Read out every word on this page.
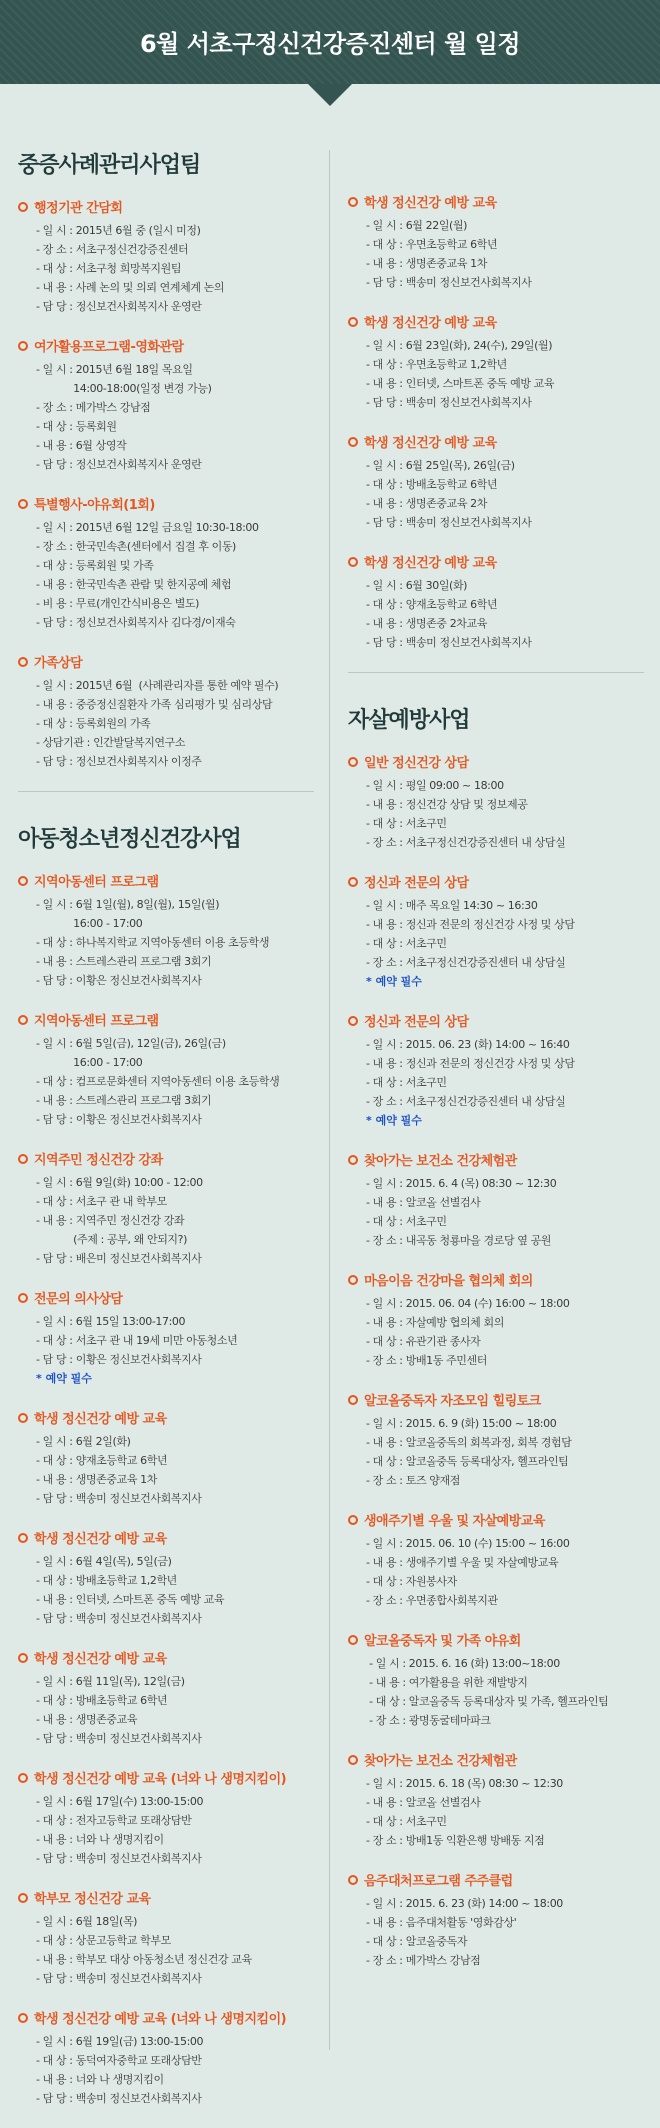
6월 서초구정신건강증진센터 월 일정
중증사례관리사업팀
행정기관 간담회
- 일 시 : 2015년 6월 중 (일시 미정)
- 장 소 : 서초구정신건강증진센터
- 대 상 : 서초구청 희망복지원팀
- 내 용 : 사례 논의 및 의뢰 연계체계 논의
- 담 당 : 정신보건사회복지사 운영란
여가활용프로그램-영화관람
- 일 시 : 2015년 6월 18일 목요일
14:00-18:00(일정 변경 가능)
- 장 소 : 메가박스 강남점
- 대 상 : 등록회원
- 내 용 : 6월 상영작
- 담 당 : 정신보건사회복지사 운영란
특별행사-야유회(1회)
- 일 시 : 2015년 6월 12일 금요일 10:30-18:00
- 장 소 : 한국민속촌(센터에서 집결 후 이동)
- 대 상 : 등록회원 및 가족
- 내 용 : 한국민속촌 관람 및 한지공예 체험
- 비 용 : 무료(개인간식비용은 별도)
- 담 당 : 정신보건사회복지사 김다경/이재숙
가족상담
- 일 시 : 2015년 6월  (사례관리자를 통한 예약 필수)
- 내 용 : 중증정신질환자 가족 심리평가 및 심리상담
- 대 상 : 등록회원의 가족
- 상담기관 : 인간발달복지연구소
- 담 당 : 정신보건사회복지사 이정주
아동청소년정신건강사업
지역아동센터 프로그램
- 일 시 : 6월 1일(월), 8일(월), 15일(월)
16:00 - 17:00
- 대 상 : 하나복지학교 지역아동센터 이용 초등학생
- 내 용 : 스트레스관리 프로그램 3회기
- 담 당 : 이황은 정신보건사회복지사
지역아동센터 프로그램
- 일 시 : 6월 5일(금), 12일(금), 26일(금)
16:00 - 17:00
- 대 상 : 컴프로문화센터 지역아동센터 이용 초등학생
- 내 용 : 스트레스관리 프로그램 3회기
- 담 당 : 이황은 정신보건사회복지사
지역주민 정신건강 강좌
- 일 시 : 6월 9일(화) 10:00 - 12:00
- 대 상 : 서초구 관 내 학부모
- 내 용 : 지역주민 정신건강 강좌
(주제 : 공부, 왜 안되지?)
- 담 당 : 배은미 정신보건사회복지사
전문의 의사상담
- 일 시 : 6월 15일 13:00-17:00
- 대 상 : 서초구 관 내 19세 미만 아동청소년
- 담 당 : 이황은 정신보건사회복지사
* 예약 필수
학생 정신건강 예방 교육
- 일 시 : 6월 2일(화)
- 대 상 : 양재초등학교 6학년
- 내 용 : 생명존중교육 1차
- 담 당 : 백송미 정신보건사회복지사
학생 정신건강 예방 교육
- 일 시 : 6월 4일(목), 5일(금)
- 대 상 : 방배초등학교 1,2학년
- 내 용 : 인터넷, 스마트폰 중독 예방 교육
- 담 당 : 백송미 정신보건사회복지사
학생 정신건강 예방 교육
- 일 시 : 6월 11일(목), 12일(금)
- 대 상 : 방배초등학교 6학년
- 내 용 : 생명존중교육
- 담 당 : 백송미 정신보건사회복지사
학생 정신건강 예방 교육 (너와 나 생명지킴이)
- 일 시 : 6월 17일(수) 13:00-15:00
- 대 상 : 전자고등학교 또래상담반
- 내 용 : 너와 나 생명지킴이
- 담 당 : 백송미 정신보건사회복지사
학부모 정신건강 교육
- 일 시 : 6월 18일(목)
- 대 상 : 상문고등학교 학부모
- 내 용 : 학부모 대상 아동청소년 정신건강 교육
- 담 당 : 백송미 정신보건사회복지사
학생 정신건강 예방 교육 (너와 나 생명지킴이)
- 일 시 : 6월 19일(금) 13:00-15:00
- 대 상 : 동덕여자중학교 또래상담반
- 내 용 : 너와 나 생명지킴이
- 담 당 : 백송미 정신보건사회복지사
학생 정신건강 예방 교육
- 일 시 : 6월 22일(월)
- 대 상 : 우면초등학교 6학년
- 내 용 : 생명존중교육 1차
- 담 당 : 백송미 정신보건사회복지사
학생 정신건강 예방 교육
- 일 시 : 6월 23일(화), 24(수), 29일(월)
- 대 상 : 우면초등학교 1,2학년
- 내 용 : 인터넷, 스마트폰 중독 예방 교육
- 담 당 : 백송미 정신보건사회복지사
학생 정신건강 예방 교육
- 일 시 : 6월 25일(목), 26일(금)
- 대 상 : 방배초등학교 6학년
- 내 용 : 생명존중교육 2차
- 담 당 : 백송미 정신보건사회복지사
학생 정신건강 예방 교육
- 일 시 : 6월 30일(화)
- 대 상 : 양재초등학교 6학년
- 내 용 : 생명존중 2차교육
- 담 당 : 백송미 정신보건사회복지사
자살예방사업
일반 정신건강 상담
- 일 시 : 평일 09:00 ~ 18:00
- 내 용 : 정신건강 상담 및 정보제공
- 대 상 : 서초구민
- 장 소 : 서초구정신건강증진센터 내 상담실
정신과 전문의 상담
- 일 시 : 매주 목요일 14:30 ~ 16:30
- 내 용 : 정신과 전문의 정신건강 사정 및 상담
- 대 상 : 서초구민
- 장 소 : 서초구정신건강증진센터 내 상담실
* 예약 필수
정신과 전문의 상담
- 일 시 : 2015. 06. 23 (화) 14:00 ~ 16:40
- 내 용 : 정신과 전문의 정신건강 사정 및 상담
- 대 상 : 서초구민
- 장 소 : 서초구정신건강증진센터 내 상담실
* 예약 필수
찾아가는 보건소 건강체험관
- 일 시 : 2015. 6. 4 (목) 08:30 ~ 12:30
- 내 용 : 알코올 선별검사
- 대 상 : 서초구민
- 장 소 : 내곡동 청룡마을 경로당 옆 공원
마음이음 건강마을 협의체 회의
- 일 시 : 2015. 06. 04 (수) 16:00 ~ 18:00
- 내 용 : 자살예방 협의체 회의
- 대 상 : 유관기관 종사자
- 장 소 : 방배1동 주민센터
알코올중독자 자조모임 힐링토크
- 일 시 : 2015. 6. 9 (화) 15:00 ~ 18:00
- 내 용 : 알코올중독의 회복과정, 회복 경험담
- 대 상 : 알코올중독 등록대상자, 헬프라인팀
- 장 소 : 토즈 양재점
생애주기별 우울 및 자살예방교육
- 일 시 : 2015. 06. 10 (수) 15:00 ~ 16:00
- 내 용 : 생애주기별 우울 및 자살예방교육
- 대 상 : 자원봉사자
- 장 소 : 우면종합사회복지관
알코올중독자 및 가족 야유회
- 일 시 : 2015. 6. 16 (화) 13:00~18:00
- 내 용 : 여가활용을 위한 재발방지
- 대 상 : 알코올중독 등록대상자 및 가족, 헬프라인팀
- 장 소 : 광명동굴테마파크
찾아가는 보건소 건강체험관
- 일 시 : 2015. 6. 18 (목) 08:30 ~ 12:30
- 내 용 : 알코올 선별검사
- 대 상 : 서초구민
- 장 소 : 방배1동 익환은행 방배동 지점
음주대처프로그램 주주클럽
- 일 시 : 2015. 6. 23 (화) 14:00 ~ 18:00
- 내 용 : 음주대처활동 '영화감상'
- 대 상 : 알코올중독자
- 장 소 : 메가박스 강남점
